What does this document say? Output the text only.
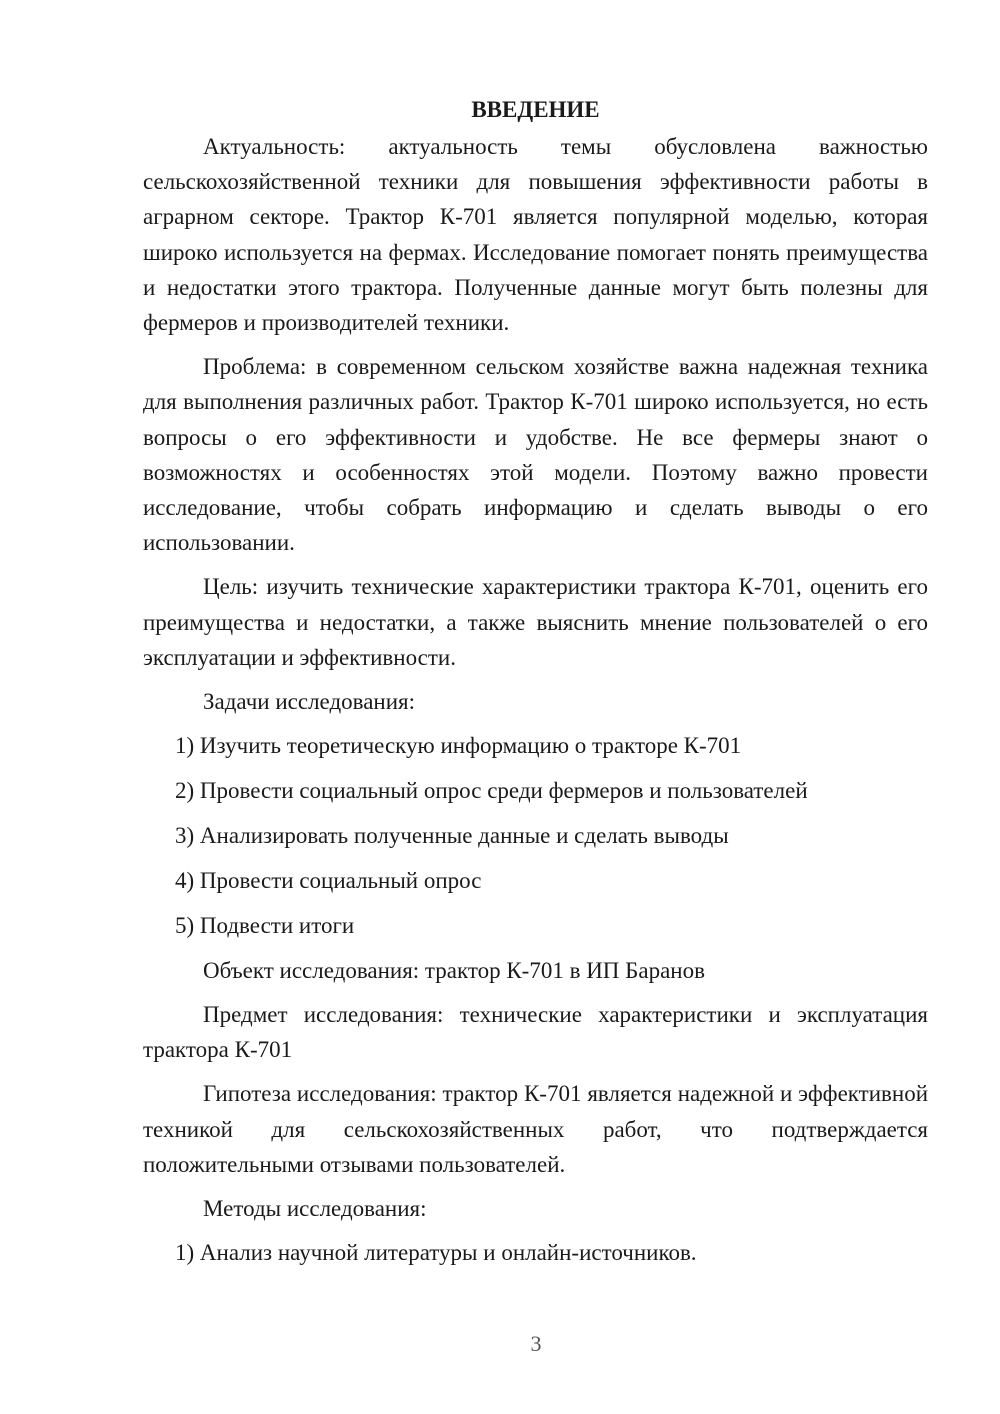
ВВЕДЕНИЕ

Актуальность: актуальность темы обусловлена важностью сельскохозяйственной техники для повышения эффективности работы в аграрном секторе. Трактор К-701 является популярной моделью, которая широко используется на фермах. Исследование помогает понять преимущества и недостатки этого трактора. Полученные данные могут быть полезны для фермеров и производителей техники.

Проблема: в современном сельском хозяйстве важна надежная техника для выполнения различных работ. Трактор К-701 широко используется, но есть вопросы о его эффективности и удобстве. Не все фермеры знают о возможностях и особенностях этой модели. Поэтому важно провести исследование, чтобы собрать информацию и сделать выводы о его использовании.

Цель: изучить технические характеристики трактора К-701, оценить его преимущества и недостатки, а также выяснить мнение пользователей о его эксплуатации и эффективности.

Задачи исследования:
1) Изучить теоретическую информацию о тракторе К-701
2) Провести социальный опрос среди фермеров и пользователей
3) Анализировать полученные данные и сделать выводы
4) Провести социальный опрос
5) Подвести итоги
Объект исследования: трактор К-701 в ИП Баранов

Предмет исследования: технические характеристики и эксплуатация трактора К-701

Гипотеза исследования: трактор К-701 является надежной и эффективной техникой для сельскохозяйственных работ, что подтверждается положительными отзывами пользователей.

Методы исследования:
1) Анализ научной литературы и онлайн-источников.
3
